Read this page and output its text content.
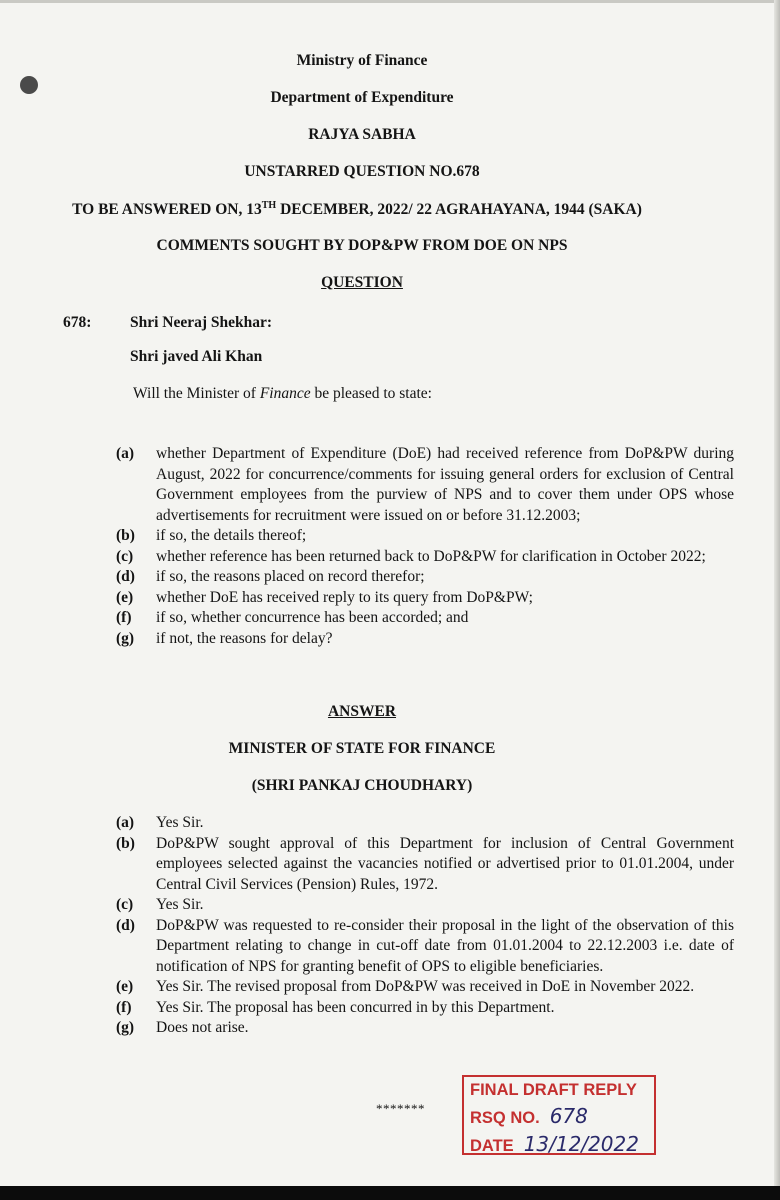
Ministry of Finance
Department of Expenditure
RAJYA SABHA
UNSTARRED QUESTION NO.678
TO BE ANSWERED ON, 13TH DECEMBER, 2022/ 22 AGRAHAYANA, 1944 (SAKA)
COMMENTS SOUGHT BY DOP&PW FROM DOE ON NPS
QUESTION
678: Shri Neeraj Shekhar:
Shri javed Ali Khan
Will the Minister of Finance be pleased to state:
(a)	whether Department of Expenditure (DoE) had received reference from DoP&PW during August, 2022 for concurrence/comments for issuing general orders for exclusion of Central Government employees from the purview of NPS and to cover them under OPS whose advertisements for recruitment were issued on or before 31.12.2003;
(b)	if so, the details thereof;
(c)	whether reference has been returned back to DoP&PW for clarification in October 2022;
(d)	if so, the reasons placed on record therefor;
(e)	whether DoE has received reply to its query from DoP&PW;
(f)	if so, whether concurrence has been accorded; and
(g)	if not, the reasons for delay?
ANSWER
MINISTER OF STATE FOR FINANCE
(SHRI PANKAJ CHOUDHARY)
(a)	Yes Sir.
(b)	DoP&PW sought approval of this Department for inclusion of Central Government employees selected against the vacancies notified or advertised prior to 01.01.2004, under Central Civil Services (Pension) Rules, 1972.
(c)	Yes Sir.
(d)	DoP&PW was requested to re-consider their proposal in the light of the observation of this Department relating to change in cut-off date from 01.01.2004 to 22.12.2003 i.e. date of notification of NPS for granting benefit of OPS to eligible beneficiaries.
(e)	Yes Sir. The revised proposal from DoP&PW was received in DoE in November 2022.
(f)	Yes Sir. The proposal has been concurred in by this Department.
(g)	Does not arise.
*******
FINAL DRAFT REPLY
RSQ NO. 678
DATE 13/12/2022
